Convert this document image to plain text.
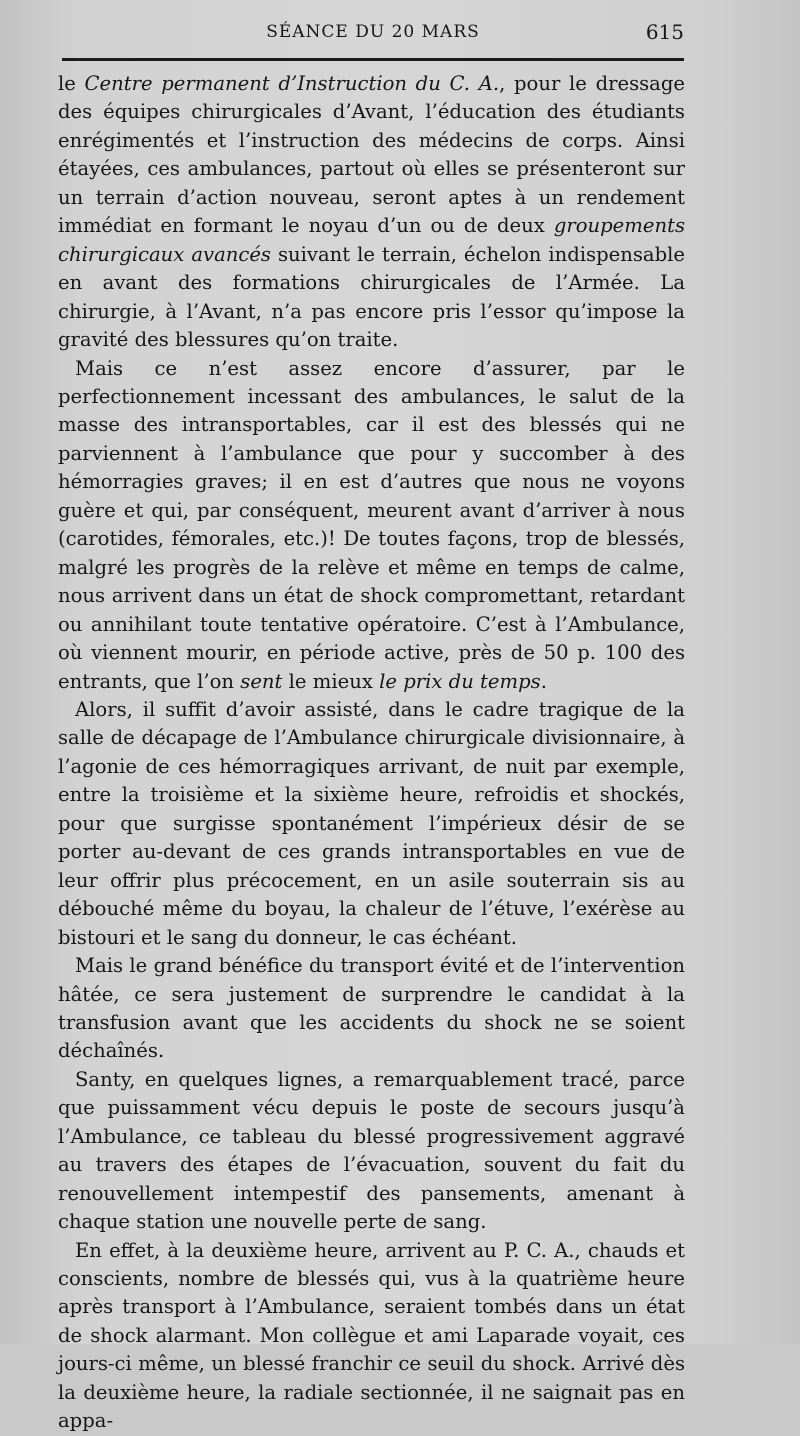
SÉANCE DU 20 MARS	615

le Centre permanent d’Instruction du C. A., pour le dressage des équipes chirurgicales d’Avant, l’éducation des étudiants enrégimentés et l’instruction des médecins de corps. Ainsi étayées, ces ambulances, partout où elles se présenteront sur un terrain d’action nouveau, seront aptes à un rendement immédiat en formant le noyau d’un ou de deux groupements chirurgicaux avancés suivant le terrain, échelon indispensable en avant des formations chirurgicales de l’Armée. La chirurgie, à l’Avant, n’a pas encore pris l’essor qu’impose la gravité des blessures qu’on traite.

Mais ce n’est assez encore d’assurer, par le perfectionnement incessant des ambulances, le salut de la masse des intransportables, car il est des blessés qui ne parviennent à l’ambulance que pour y succomber à des hémorragies graves; il en est d’autres que nous ne voyons guère et qui, par conséquent, meurent avant d’arriver à nous (carotides, fémorales, etc.)! De toutes façons, trop de blessés, malgré les progrès de la relève et même en temps de calme, nous arrivent dans un état de shock compromettant, retardant ou annihilant toute tentative opératoire. C’est à l’Ambulance, où viennent mourir, en période active, près de 50 p. 100 des entrants, que l’on sent le mieux le prix du temps.

Alors, il suffit d’avoir assisté, dans le cadre tragique de la salle de décapage de l’Ambulance chirurgicale divisionnaire, à l’agonie de ces hémorragiques arrivant, de nuit par exemple, entre la troisième et la sixième heure, refroidis et shockés, pour que surgisse spontanément l’impérieux désir de se porter au-devant de ces grands intransportables en vue de leur offrir plus précocement, en un asile souterrain sis au débouché même du boyau, la chaleur de l’étuve, l’exérèse au bistouri et le sang du donneur, le cas échéant.

Mais le grand bénéfice du transport évité et de l’intervention hâtée, ce sera justement de surprendre le candidat à la transfusion avant que les accidents du shock ne se soient déchaînés.

Santy, en quelques lignes, a remarquablement tracé, parce que puissamment vécu depuis le poste de secours jusqu’à l’Ambulance, ce tableau du blessé progressivement aggravé au travers des étapes de l’évacuation, souvent du fait du renouvellement intempestif des pansements, amenant à chaque station une nouvelle perte de sang.

En effet, à la deuxième heure, arrivent au P. C. A., chauds et conscients, nombre de blessés qui, vus à la quatrième heure après transport à l’Ambulance, seraient tombés dans un état de shock alarmant. Mon collègue et ami Laparade voyait, ces jours-ci même, un blessé franchir ce seuil du shock. Arrivé dès la deuxième heure, la radiale sectionnée, il ne saignait pas en appa-
